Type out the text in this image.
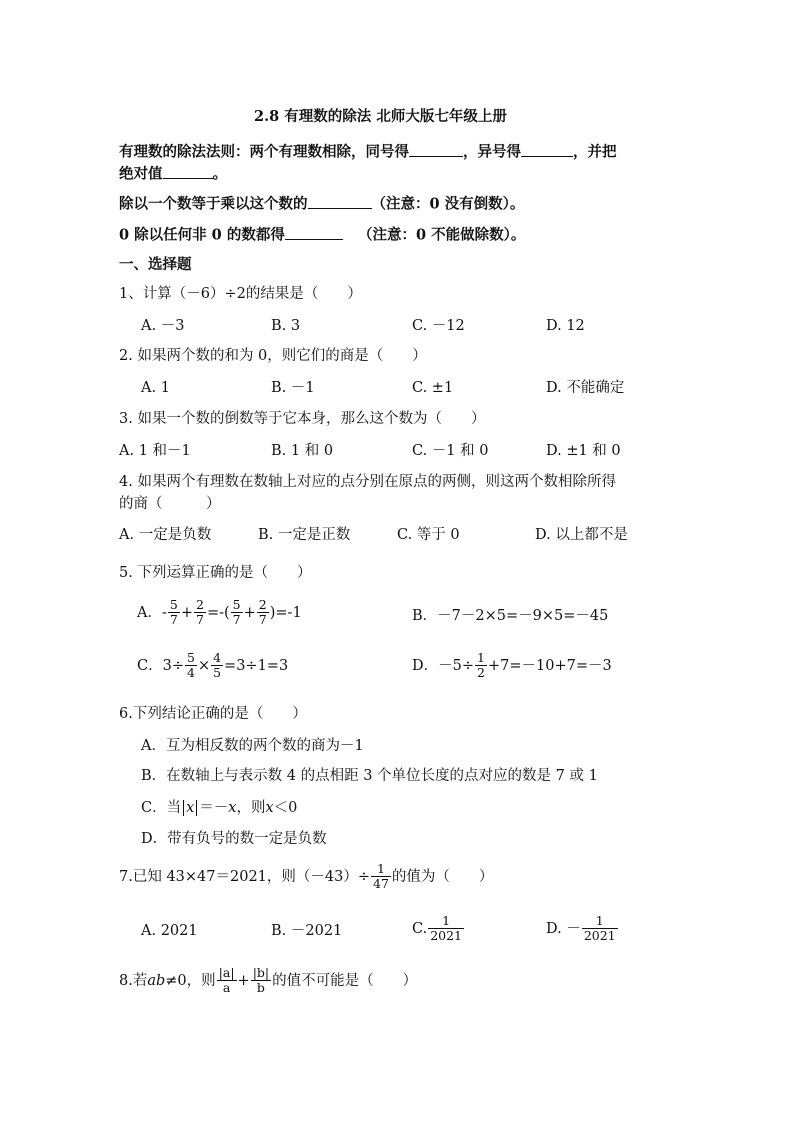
2.8 有理数的除法 北师大版七年级上册
有理数的除法法则：两个有理数相除，同号得	，异号得	，并把
绝对值	。
除以一个数等于乘以这个数的	（注意：0 没有倒数）。
0 除以任何非 0 的数都得	（注意：0 不能做除数）。
一、选择题
1、计算（－6）÷2的结果是（　　）
A. －3	B. 3	C. －12	D. 12
2. 如果两个数的和为 0，则它们的商是（　　）
A. 1	B. －1	C. ±1	D. 不能确定
3. 如果一个数的倒数等于它本身，那么这个数为（　　）
A. 1 和－1	B. 1 和 0	C. －1 和 0	D. ±1 和 0
4. 如果两个有理数在数轴上对应的点分别在原点的两侧，则这两个数相除所得
的商（　　　）
A. 一定是负数	B. 一定是正数	C. 等于 0	D. 以上都不是
5. 下列运算正确的是（　　）
A．- $\frac{5}{7} + \frac{2}{7}$ =-( $\frac{5}{7} + \frac{2}{7} )=-1$	B．－7－2×5=－9×5=－45
C．$3\div \frac{5}{4} \times \frac{4}{5} =3\div 1=3$	D．$-5\div \frac{1}{2} +7=-10+7=-3$
6.下列结论正确的是（　　）
A．互为相反数的两个数的商为－1
B．在数轴上与表示数 4 的点相距 3 个单位长度的点对应的数是 7 或 1
C．当 x ＝－x，则x＜0
D．带有负号的数一定是负数
7.已知 43×47＝2021，则$(-43)\div \frac{1}{47}$ 的值为（　　）
A. 2021	B. －2021	C. $\frac{1}{2021}$	D. － $\frac{1}{2021}$
8.若ab≠0，则 $\frac{|a|}{a} + \frac{|b|}{b}$ 的值不可能是（　　）
